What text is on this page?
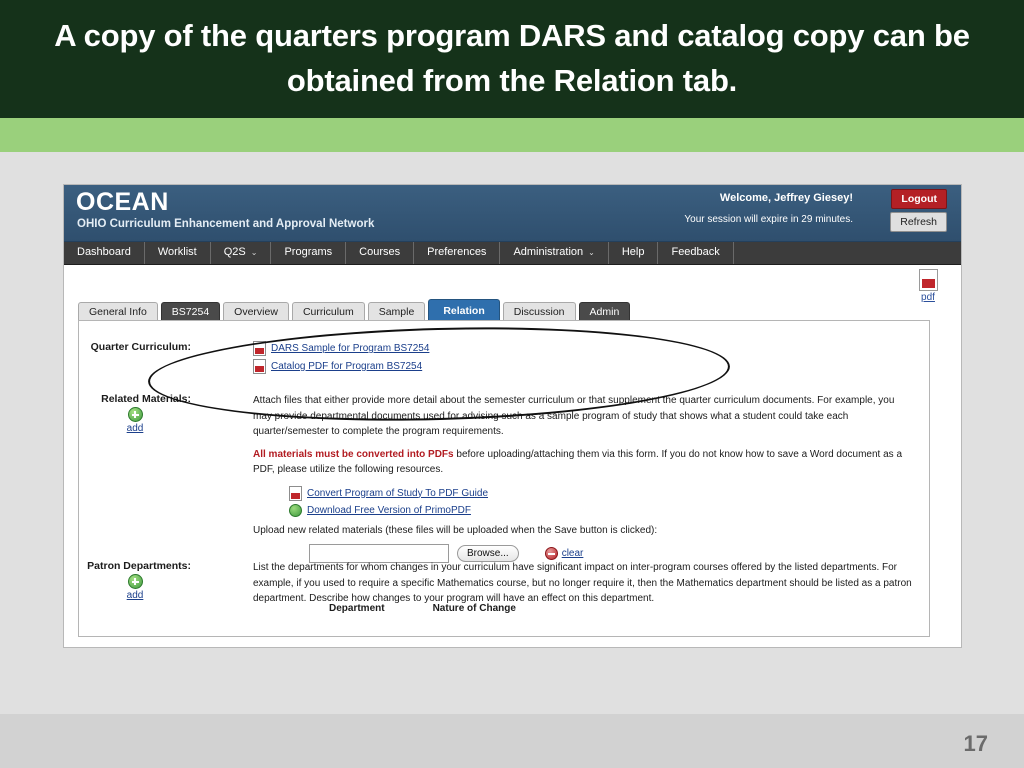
A copy of the quarters program DARS and catalog copy can be obtained from the Relation tab.
17
OCEAN
OHIO Curriculum Enhancement and Approval Network
Welcome, Jeffrey Giesey!
Your session will expire in 29 minutes.
Logout
Refresh
Dashboard	Worklist	Q2S ⌄	Programs	Courses	Preferences	Administration ⌄	Help	Feedback
pdf
General Info	BS7254	Overview	Curriculum	Sample	Relation	Discussion	Admin
Quarter Curriculum:	DARS Sample for Program BS7254
Catalog PDF for Program BS7254
Related Materials:
add
Attach files that either provide more detail about the semester curriculum or that supplement the quarter curriculum documents. For example, you may provide departmental documents used for advising such as a sample program of study that shows what a student could take each quarter/semester to complete the program requirements.
All materials must be converted into PDFs before uploading/attaching them via this form. If you do not know how to save a Word document as a PDF, please utilize the following resources.
Convert Program of Study To PDF Guide
Download Free Version of PrimoPDF
Upload new related materials (these files will be uploaded when the Save button is clicked):
Browse...	clear
Patron Departments:
add
List the departments for whom changes in your curriculum have significant impact on inter-program courses offered by the listed departments. For example, if you used to require a specific Mathematics course, but no longer require it, then the Mathematics department should be listed as a patron department. Describe how changes to your program will have an effect on this department.
Department	Nature of Change
